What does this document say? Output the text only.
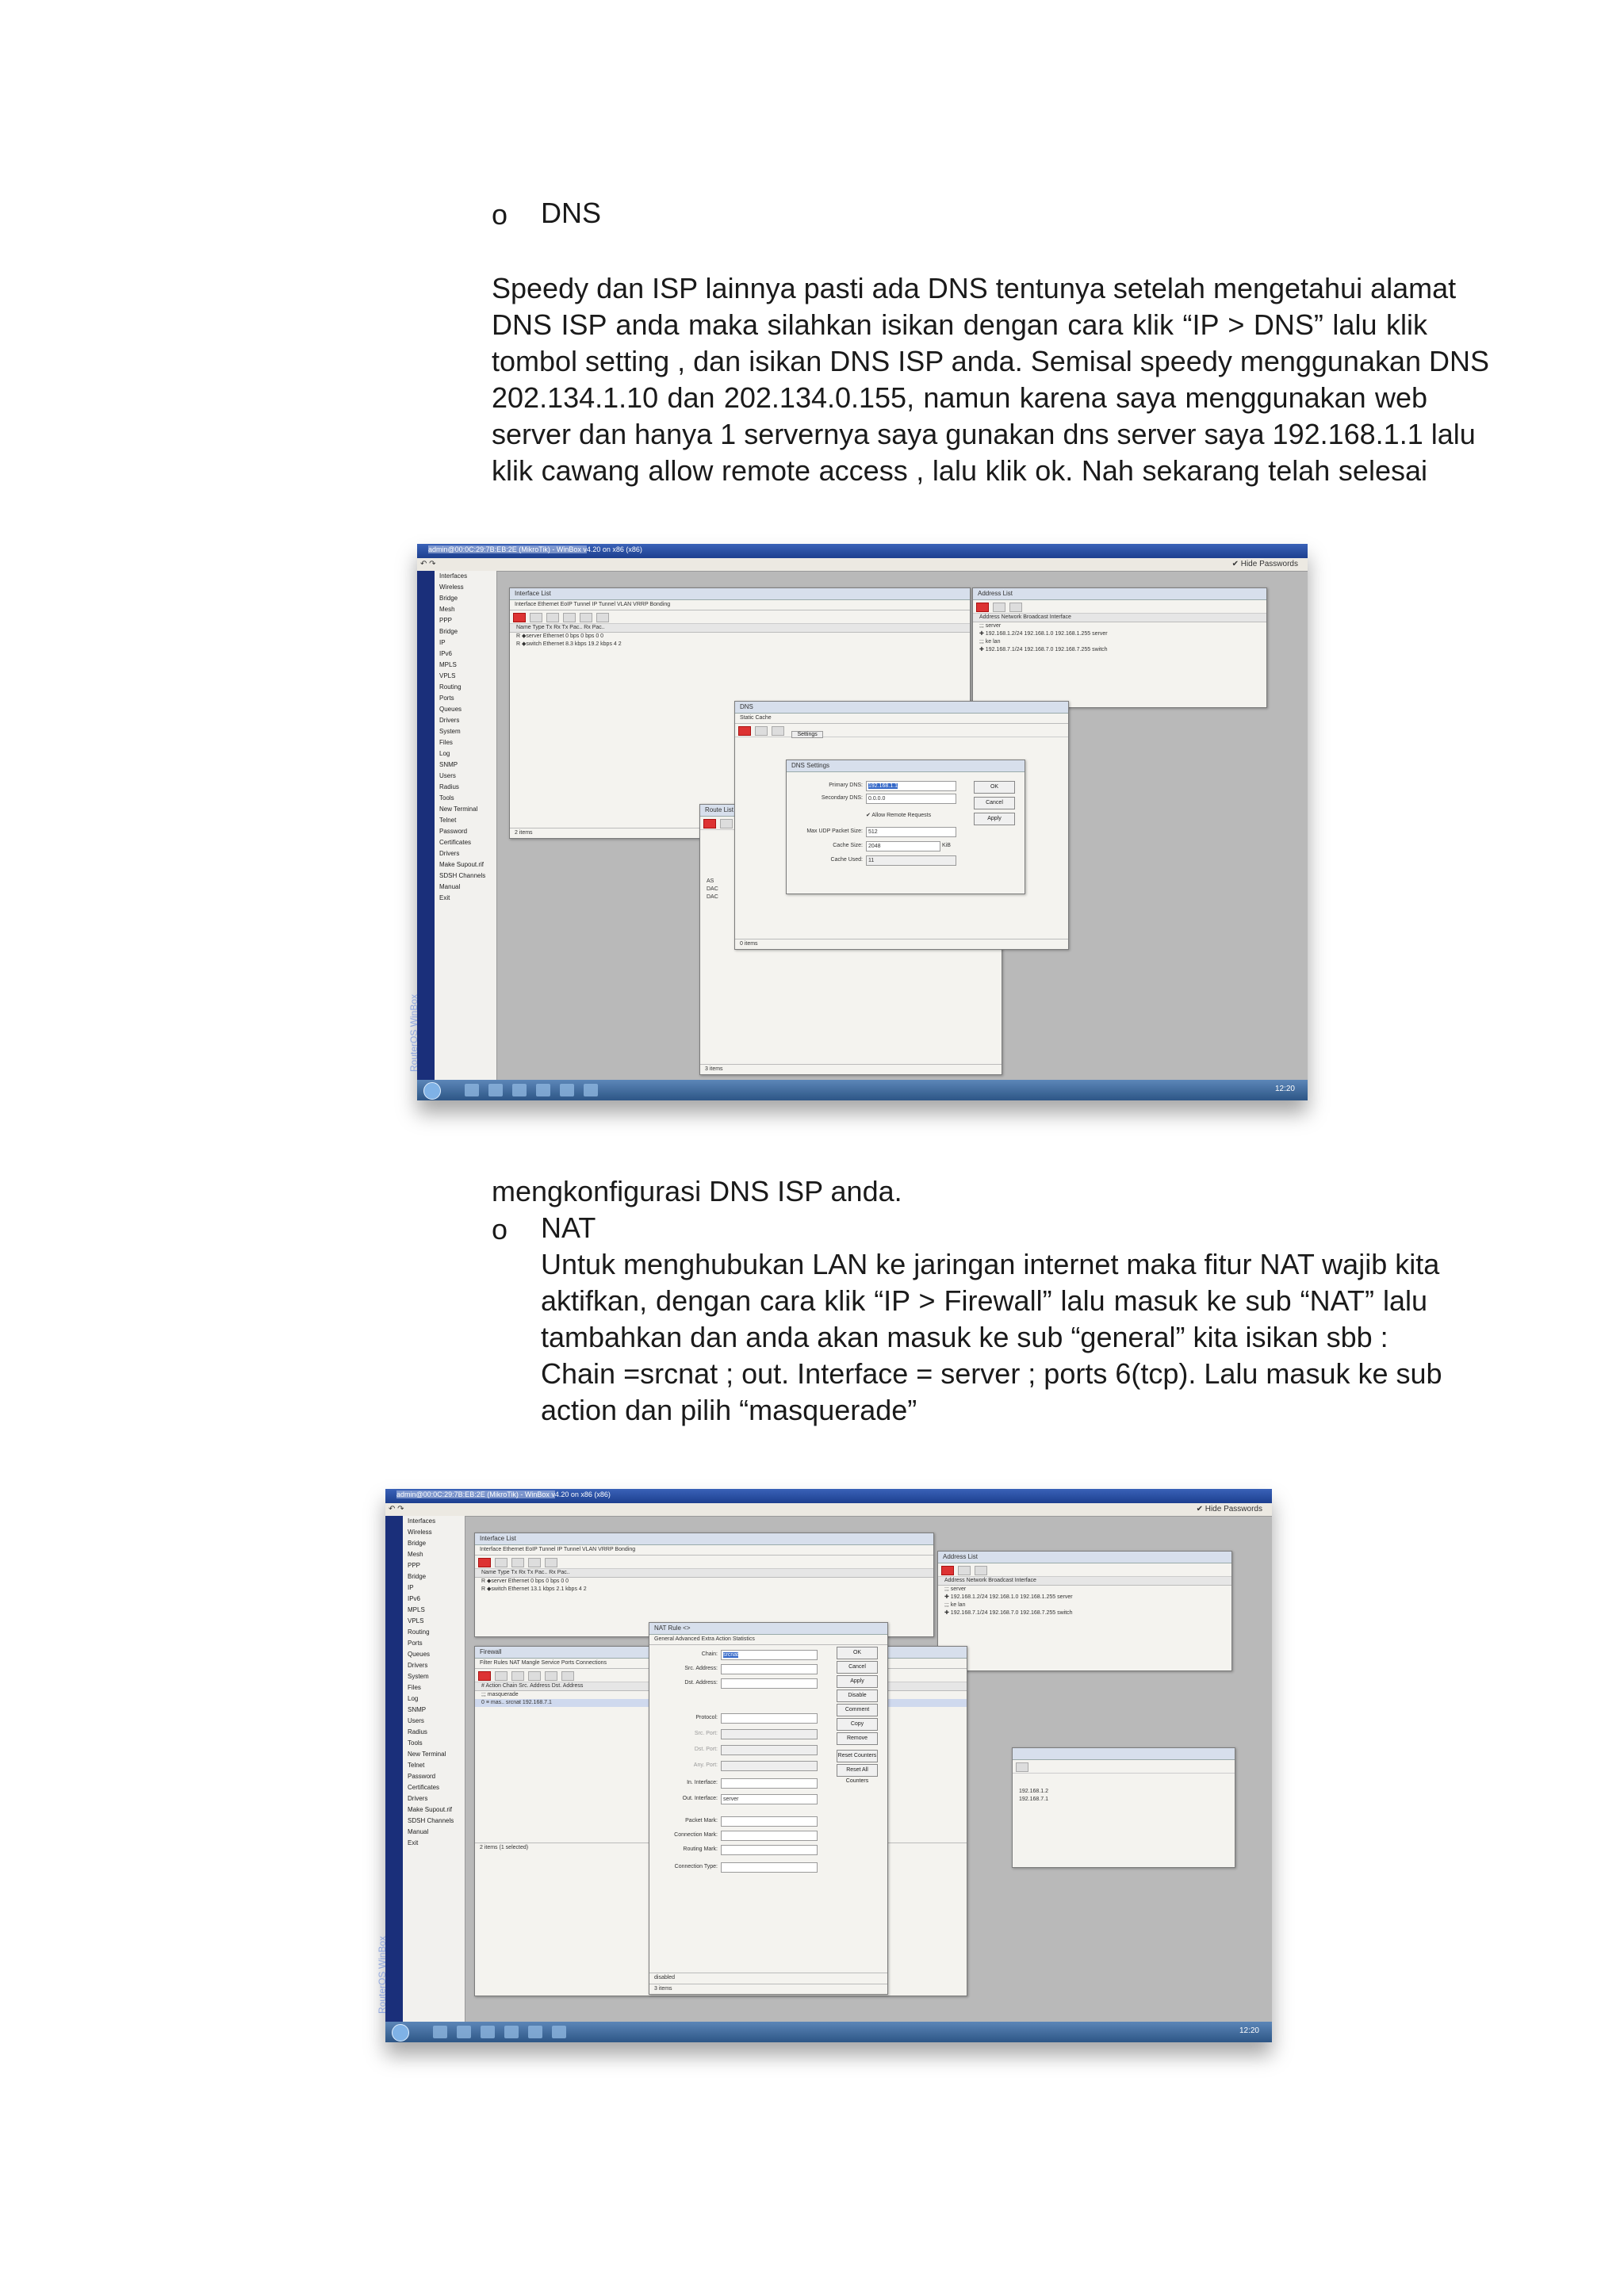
o DNS
Speedy dan ISP lainnya pasti ada DNS tentunya setelah mengetahui alamat
DNS ISP anda maka silahkan isikan dengan cara klik “IP > DNS” lalu klik
tombol setting , dan isikan DNS ISP anda. Semisal speedy menggunakan DNS
202.134.1.10 dan 202.134.0.155, namun karena saya menggunakan web
server dan hanya 1 servernya saya gunakan dns server saya 192.168.1.1 lalu
klik cawang allow remote access , lalu klik ok. Nah sekarang telah selesai
admin@00:0C:29:7B:EB:2E (MikroTik) - WinBox v4.20 on x86 (x86)
↶ ↷	✔ Hide Passwords
RouterOS WinBox
Interfaces
Wireless
Bridge
Mesh
PPP
Bridge
IP
IPv6
MPLS
VPLS
Routing
Ports
Queues
Drivers
System
Files
Log
SNMP
Users
Radius
Tools
New Terminal
Telnet
Password
Certificates
Drivers
Make Supout.rif
SDSH Channels
Manual
Exit
Interface List
Interface Ethernet EoIP Tunnel IP Tunnel VLAN VRRP Bonding
Name Type Tx Rx Tx Pac.. Rx Pac..
R ◆server Ethernet 0 bps 0 bps 0 0
R ◆switch Ethernet 8.3 kbps 19.2 kbps 4 2
2 items
Address List
Address Network Broadcast Interface
;;; server
✚ 192.168.1.2/24 192.168.1.0 192.168.1.255 server
;;; ke lan
✚ 192.168.7.1/24 192.168.7.0 192.168.7.255 switch
Route List
AS
DAC
DAC
3 items
DNS
Static Cache
Settings
0 items
DNS Settings
Primary DNS:	192.168.1.1
Secondary DNS:	0.0.0.0
✔ Allow Remote Requests
Max UDP Packet Size:	512
Cache Size:	2048	KiB
Cache Used:	11
OK
Cancel
Apply
12:20
mengkonfigurasi DNS ISP anda.
o NAT
Untuk menghubukan LAN ke jaringan internet maka fitur NAT wajib kita
aktifkan, dengan cara klik “IP > Firewall” lalu masuk ke sub “NAT” lalu
tambahkan dan anda akan masuk ke sub “general” kita isikan sbb :
Chain =srcnat ; out. Interface = server ; ports 6(tcp). Lalu masuk ke sub
action dan pilih “masquerade”
admin@00:0C:29:7B:EB:2E (MikroTik) - WinBox v4.20 on x86 (x86)
↶ ↷	✔ Hide Passwords
RouterOS WinBox
Interfaces
Wireless
Bridge
Mesh
PPP
Bridge
IP
IPv6
MPLS
VPLS
Routing
Ports
Queues
Drivers
System
Files
Log
SNMP
Users
Radius
Tools
New Terminal
Telnet
Password
Certificates
Drivers
Make Supout.rif
SDSH Channels
Manual
Exit
Interface List
Interface Ethernet EoIP Tunnel IP Tunnel VLAN VRRP Bonding
Name Type Tx Rx Tx Pac.. Rx Pac..
R ◆server Ethernet 0 bps 0 bps 0 0
R ◆switch Ethernet 13.1 kbps 2.1 kbps 4 2
Address List
Address Network Broadcast Interface
;;; server
✚ 192.168.1.2/24 192.168.1.0 192.168.1.255 server
;;; ke lan
✚ 192.168.7.1/24 192.168.7.0 192.168.7.255 switch
192.168.1.2
192.168.7.1
Firewall
Filter Rules NAT Mangle Service Ports Connections
# Action Chain Src. Address Dst. Address
;;; masquerade
0 ≡ mas.. srcnat 192.168.7.1
2 items (1 selected)
NAT Rule <>
General Advanced Extra Action Statistics
Chain:	srcnat
Src. Address:
Dst. Address:
Protocol:
Src. Port:
Dst. Port:
Any. Port:
In. Interface:
Out. Interface:	server
Packet Mark:
Connection Mark:
Routing Mark:
Connection Type:
OK
Cancel
Apply
Disable
Comment
Copy
Remove
Reset Counters
Reset All Counters
disabled
3 items
12:20
